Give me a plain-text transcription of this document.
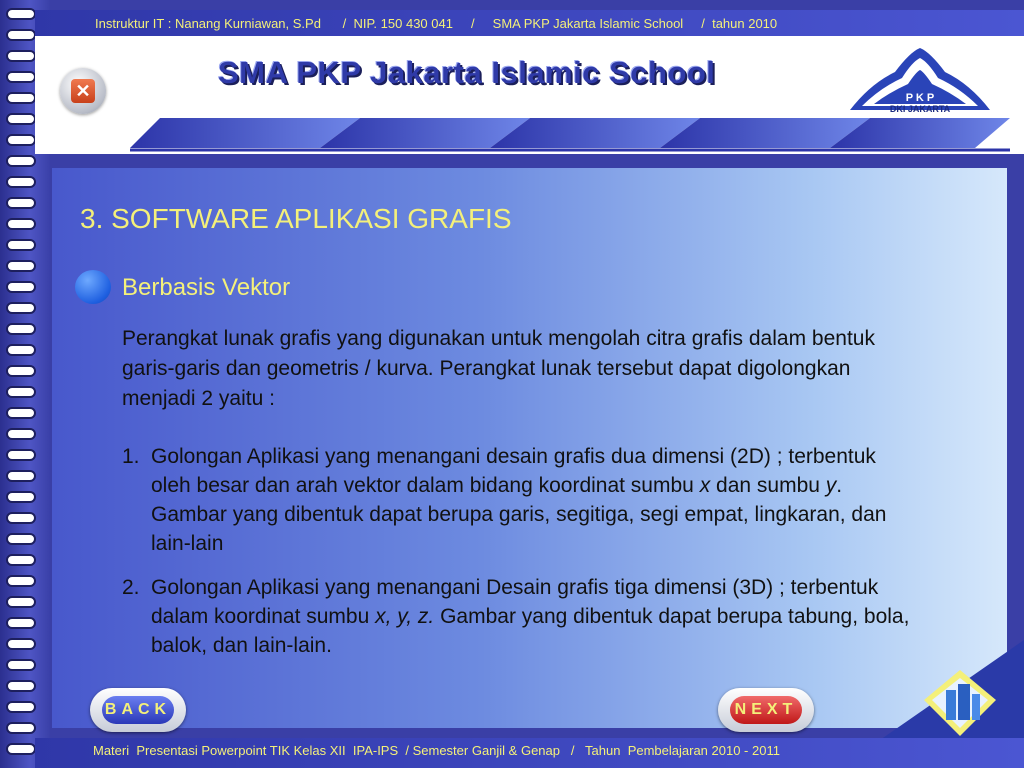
Instruktur IT : Nanang Kurniawan, S.Pd      /  NIP. 150 430 041     /     SMA PKP Jakarta Islamic School     /  tahun 2010
✕
SMA PKP Jakarta Islamic School
P K P
DKI JAKARTA
3. SOFTWARE APLIKASI GRAFIS
Berbasis Vektor
Perangkat lunak grafis yang digunakan untuk mengolah citra grafis dalam bentuk garis-garis dan geometris / kurva. Perangkat lunak tersebut dapat digolongkan menjadi 2 yaitu :
1. Golongan Aplikasi yang menangani desain grafis dua dimensi (2D) ; terbentuk oleh besar dan arah vektor dalam bidang koordinat sumbu x dan sumbu y. Gambar yang dibentuk dapat berupa garis, segitiga, segi empat, lingkaran, dan lain-lain
2. Golongan Aplikasi yang menangani Desain grafis tiga dimensi (3D) ; terbentuk dalam koordinat sumbu x, y, z. Gambar yang dibentuk dapat berupa tabung, bola, balok, dan lain-lain.
BACK	NEXT
Materi  Presentasi Powerpoint TIK Kelas XII  IPA-IPS  / Semester Ganjil & Genap   /   Tahun  Pembelajaran 2010 - 2011
